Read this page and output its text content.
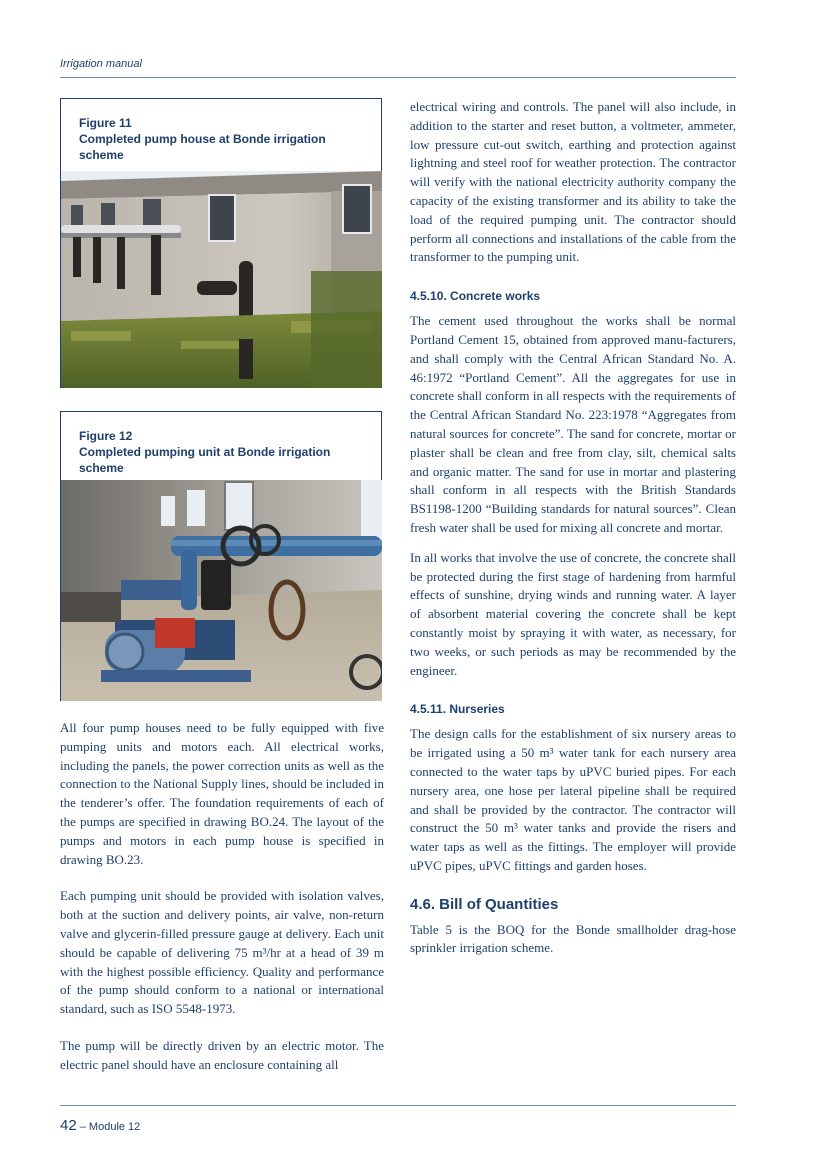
Irrigation manual
Figure 11
Completed pump house at Bonde irrigation scheme
Figure 12
Completed pumping unit at Bonde irrigation scheme

All four pump houses need to be fully equipped with five pumping units and motors each. All electrical works, including the panels, the power correction units as well as the connection to the National Supply lines, should be included in the tenderer’s offer. The foundation requirements of each of the pumps are specified in drawing BO.24. The layout of the pumps and motors in each pump house is specified in drawing BO.23.

Each pumping unit should be provided with isolation valves, both at the suction and delivery points, air valve, non-return valve and glycerin-filled pressure gauge at delivery. Each unit should be capable of delivering 75 m³/hr at a head of 39 m with the highest possible efficiency. Quality and performance of the pump should conform to a national or international standard, such as ISO 5548-1973.

The pump will be directly driven by an electric motor. The electric panel should have an enclosure containing all

electrical wiring and controls. The panel will also include, in addition to the starter and reset button, a voltmeter, ammeter, low pressure cut-out switch, earthing and protection against lightning and steel roof for weather protection. The contractor will verify with the national electricity authority company the capacity of the existing transformer and its ability to take the load of the required pumping unit. The contractor should perform all connections and installations of the cable from the transformer to the pumping unit.

4.5.10. Concrete works

The cement used throughout the works shall be normal Portland Cement 15, obtained from approved manu-facturers, and shall comply with the Central African Standard No. A. 46:1972 “Portland Cement”. All the aggregates for use in concrete shall conform in all respects with the requirements of the Central African Standard No. 223:1978 “Aggregates from natural sources for concrete”. The sand for concrete, mortar or plaster shall be clean and free from clay, silt, chemical salts and organic matter. The sand for use in mortar and plastering shall conform in all respects with the British Standards BS1198-1200 “Building standards for natural sources”. Clean fresh water shall be used for mixing all concrete and mortar.

In all works that involve the use of concrete, the concrete shall be protected during the first stage of hardening from harmful effects of sunshine, drying winds and running water. A layer of absorbent material covering the concrete shall be kept constantly moist by spraying it with water, as necessary, for two weeks, or such periods as may be recommended by the engineer.

4.5.11. Nurseries

The design calls for the establishment of six nursery areas to be irrigated using a 50 m³ water tank for each nursery area connected to the water taps by uPVC buried pipes. For each nursery area, one hose per lateral pipeline shall be required and shall be provided by the contractor. The contractor will construct the 50 m³ water tanks and provide the risers and water taps as well as the fittings. The employer will provide uPVC pipes, uPVC fittings and garden hoses.

4.6. Bill of Quantities

Table 5 is the BOQ for the Bonde smallholder drag-hose sprinkler irrigation scheme.

42 – Module 12
